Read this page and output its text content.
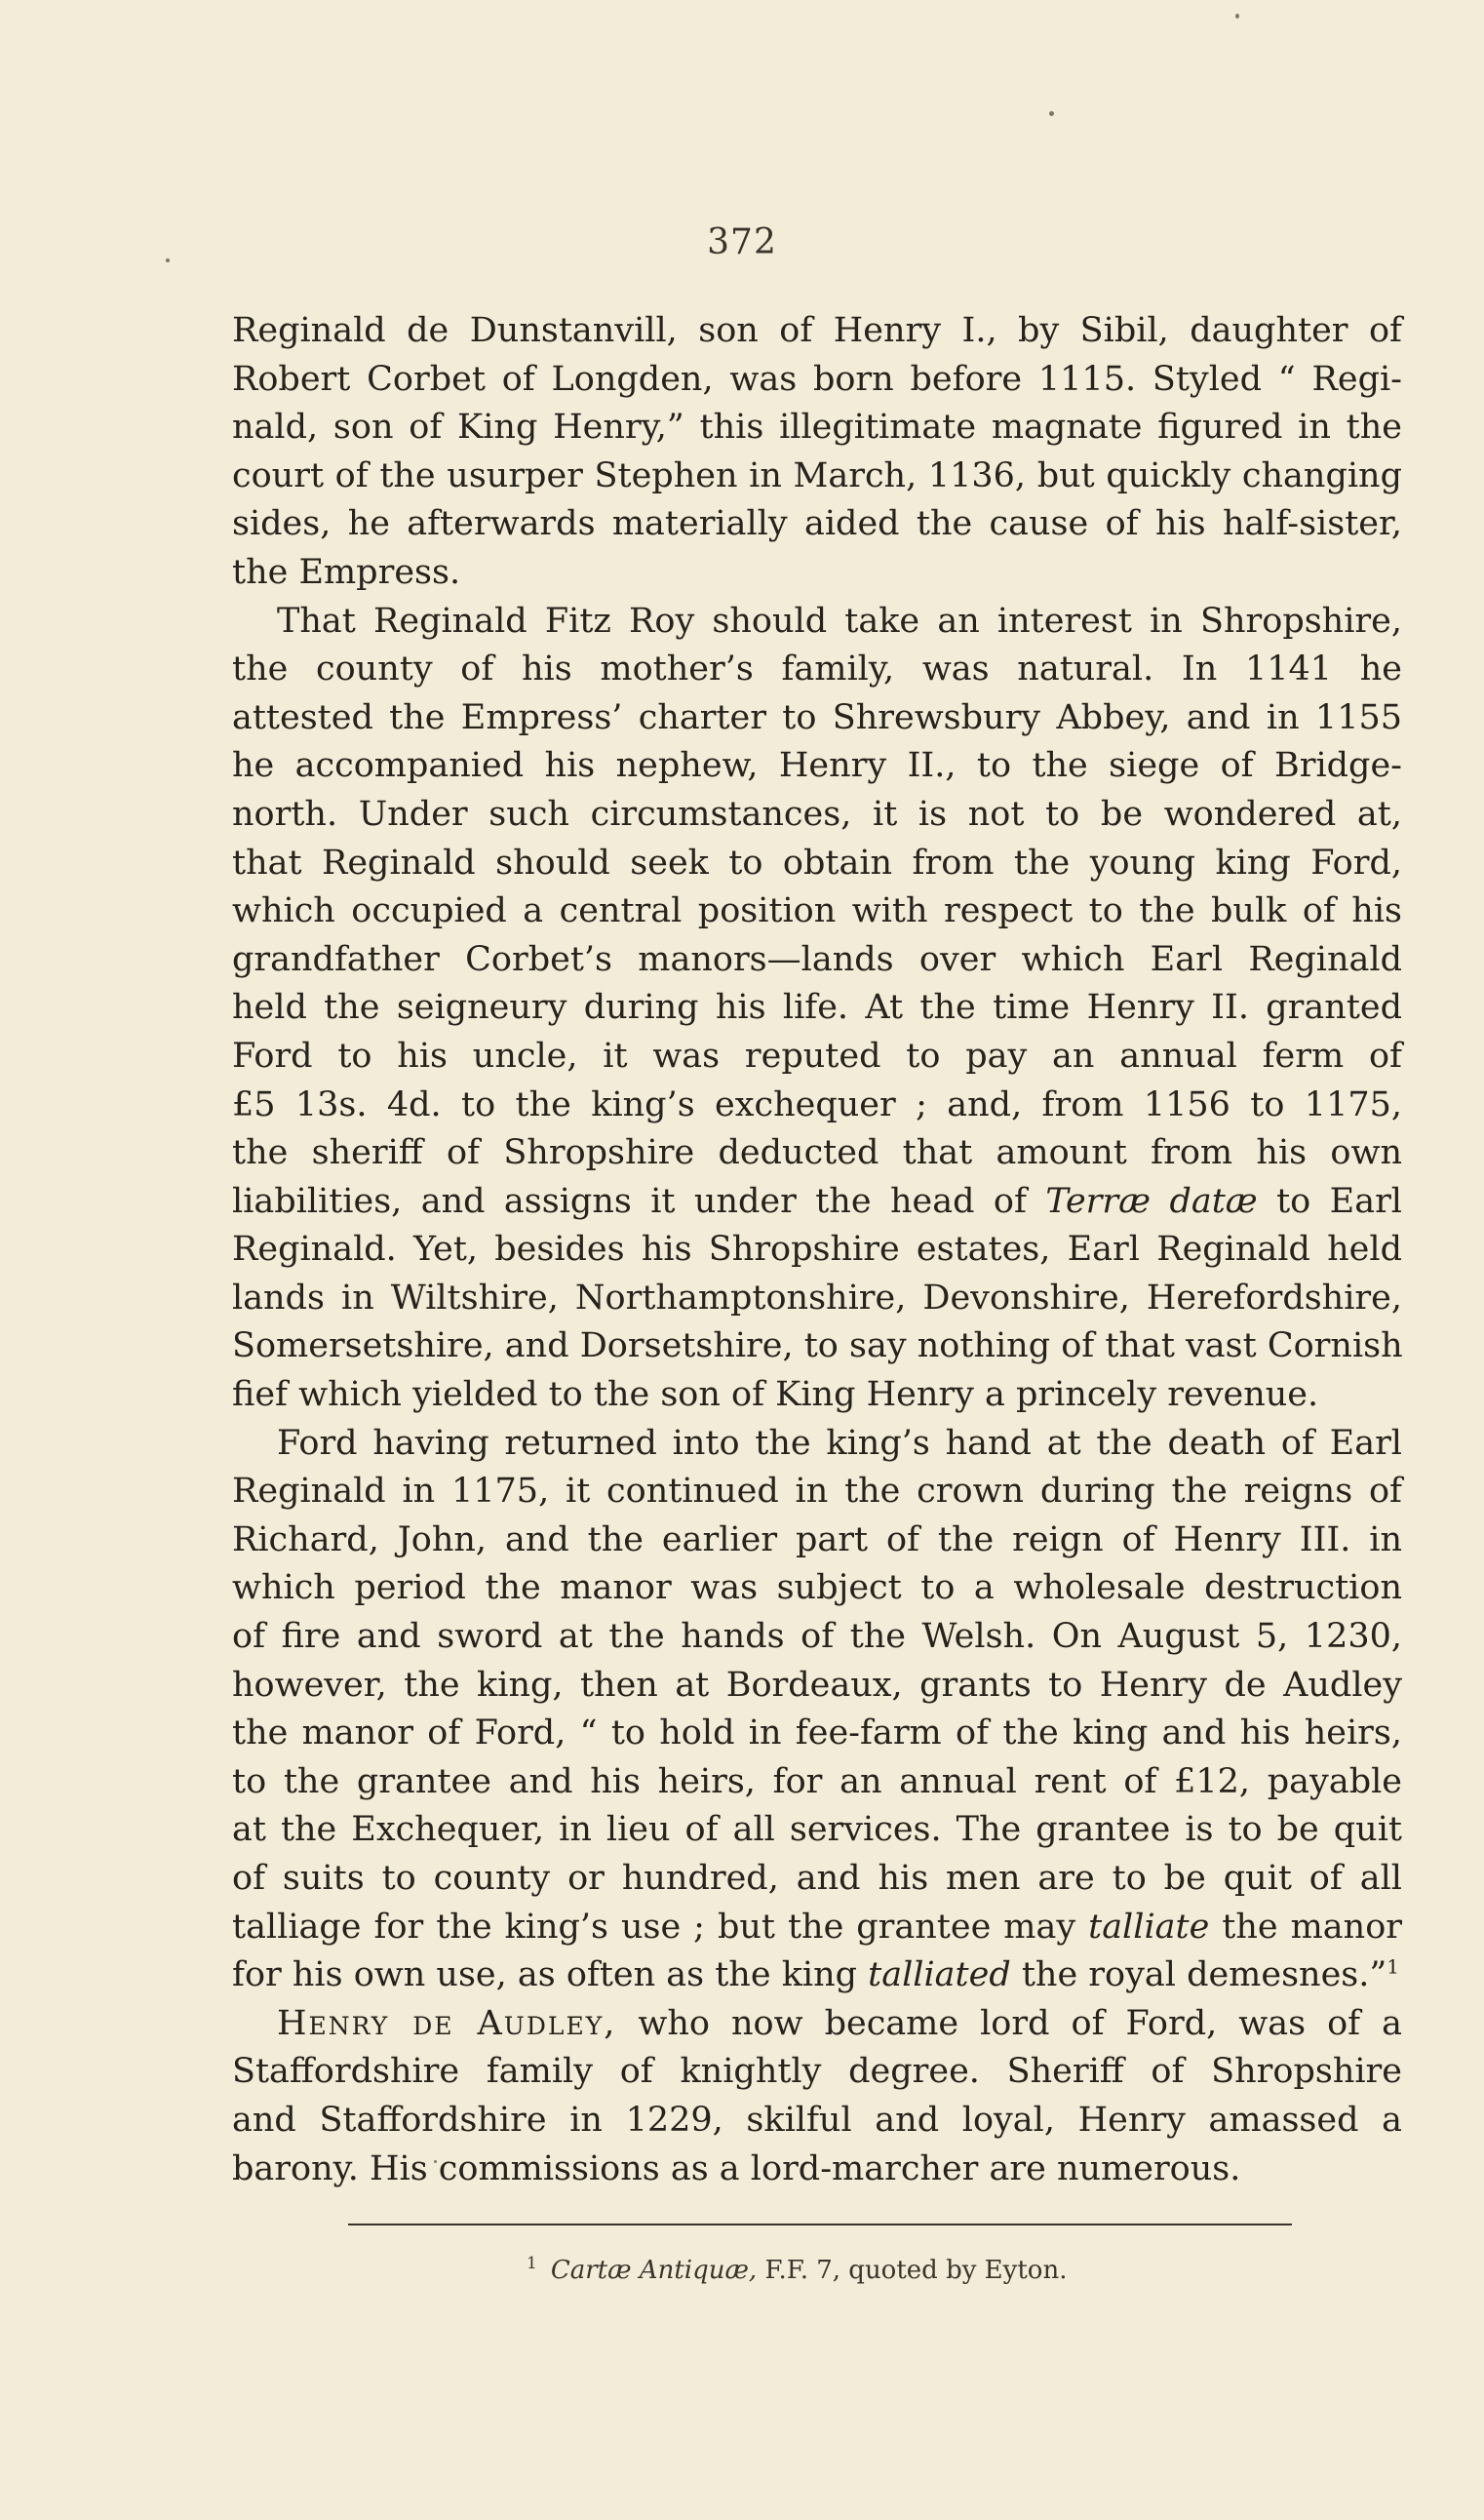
372
Reginald de Dunstanvill, son of Henry I., by Sibil, daughter of
Robert Corbet of Longden, was born before 1115. Styled “ Regi-
nald, son of King Henry,” this illegitimate magnate figured in the
court of the usurper Stephen in March, 1136, but quickly changing
sides, he afterwards materially aided the cause of his half-sister,
the Empress.
That Reginald Fitz Roy should take an interest in Shropshire,
the county of his mother’s family, was natural. In 1141 he
attested the Empress’ charter to Shrewsbury Abbey, and in 1155
he accompanied his nephew, Henry II., to the siege of Bridge-
north. Under such circumstances, it is not to be wondered at,
that Reginald should seek to obtain from the young king Ford,
which occupied a central position with respect to the bulk of his
grandfather Corbet’s manors—lands over which Earl Reginald
held the seigneury during his life. At the time Henry II. granted
Ford to his uncle, it was reputed to pay an annual ferm of
£5 13s. 4d. to the king’s exchequer ; and, from 1156 to 1175,
the sheriff of Shropshire deducted that amount from his own
liabilities, and assigns it under the head of Terræ datæ to Earl
Reginald. Yet, besides his Shropshire estates, Earl Reginald held
lands in Wiltshire, Northamptonshire, Devonshire, Herefordshire,
Somersetshire, and Dorsetshire, to say nothing of that vast Cornish
fief which yielded to the son of King Henry a princely revenue.
Ford having returned into the king’s hand at the death of Earl
Reginald in 1175, it continued in the crown during the reigns of
Richard, John, and the earlier part of the reign of Henry III. in
which period the manor was subject to a wholesale destruction
of fire and sword at the hands of the Welsh. On August 5, 1230,
however, the king, then at Bordeaux, grants to Henry de Audley
the manor of Ford, “ to hold in fee-farm of the king and his heirs,
to the grantee and his heirs, for an annual rent of £12, payable
at the Exchequer, in lieu of all services. The grantee is to be quit
of suits to county or hundred, and his men are to be quit of all
talliage for the king’s use ; but the grantee may talliate the manor
for his own use, as often as the king talliated the royal demesnes.”$^1$
Henry de Audley, who now became lord of Ford, was of a
Staffordshire family of knightly degree. Sheriff of Shropshire
and Staffordshire in 1229, skilful and loyal, Henry amassed a
barony. His commissions as a lord-marcher are numerous.
$^1$ Cartæ Antiquæ, F.F. 7, quoted by Eyton.
